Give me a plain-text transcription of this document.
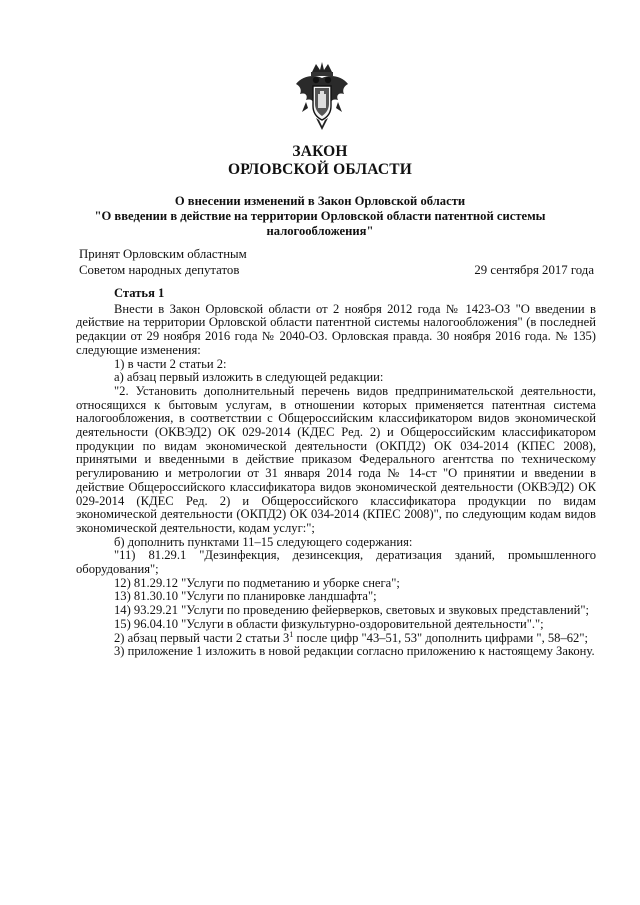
ЗАКОН
ОРЛОВСКОЙ ОБЛАСТИ
О внесении изменений в Закон Орловской области
"О введении в действие на территории Орловской области патентной системы
налогообложения"
Принят Орловским областным
Советом народных депутатов	29 сентября 2017 года

Статья 1

Внести в Закон Орловской области от 2 ноября 2012 года № 1423-ОЗ "О введении в действие на территории Орловской области патентной системы налогообложения" (в последней редакции от 29 ноября 2016 года № 2040-ОЗ. Орловская правда. 30 ноября 2016 года. № 135) следующие изменения:

1) в части 2 статьи 2:

а) абзац первый изложить в следующей редакции:

"2. Установить дополнительный перечень видов предпринимательской деятельности, относящихся к бытовым услугам, в отношении которых применяется патентная система налогообложения, в соответствии с Общероссийским классификатором видов экономической деятельности (ОКВЭД2) ОК 029-2014 (КДЕС Ред. 2) и Общероссийским классификатором продукции по видам экономической деятельности (ОКПД2) ОК 034-2014 (КПЕС 2008), принятыми и введенными в действие приказом Федерального агентства по техническому регулированию и метрологии от 31 января 2014 года № 14-ст "О принятии и введении в действие Общероссийского классификатора видов экономической деятельности (ОКВЭД2) ОК 029-2014 (КДЕС Ред. 2) и Общероссийского классификатора продукции по видам экономической деятельности (ОКПД2) ОК 034-2014 (КПЕС 2008)", по следующим кодам видов экономической деятельности, кодам услуг:";

б) дополнить пунктами 11–15 следующего содержания:

"11) 81.29.1 "Дезинфекция, дезинсекция, дератизация зданий, промышленного оборудования";

12) 81.29.12 "Услуги по подметанию и уборке снега";

13) 81.30.10 "Услуги по планировке ландшафта";

14) 93.29.21 "Услуги по проведению фейерверков, световых и звуковых представлений";

15) 96.04.10 "Услуги в области физкультурно-оздоровительной деятельности".";

2) абзац первый части 2 статьи $3^1$ после цифр "43–51, 53" дополнить цифрами ", 58–62";

3) приложение 1 изложить в новой редакции согласно приложению к настоящему Закону.
